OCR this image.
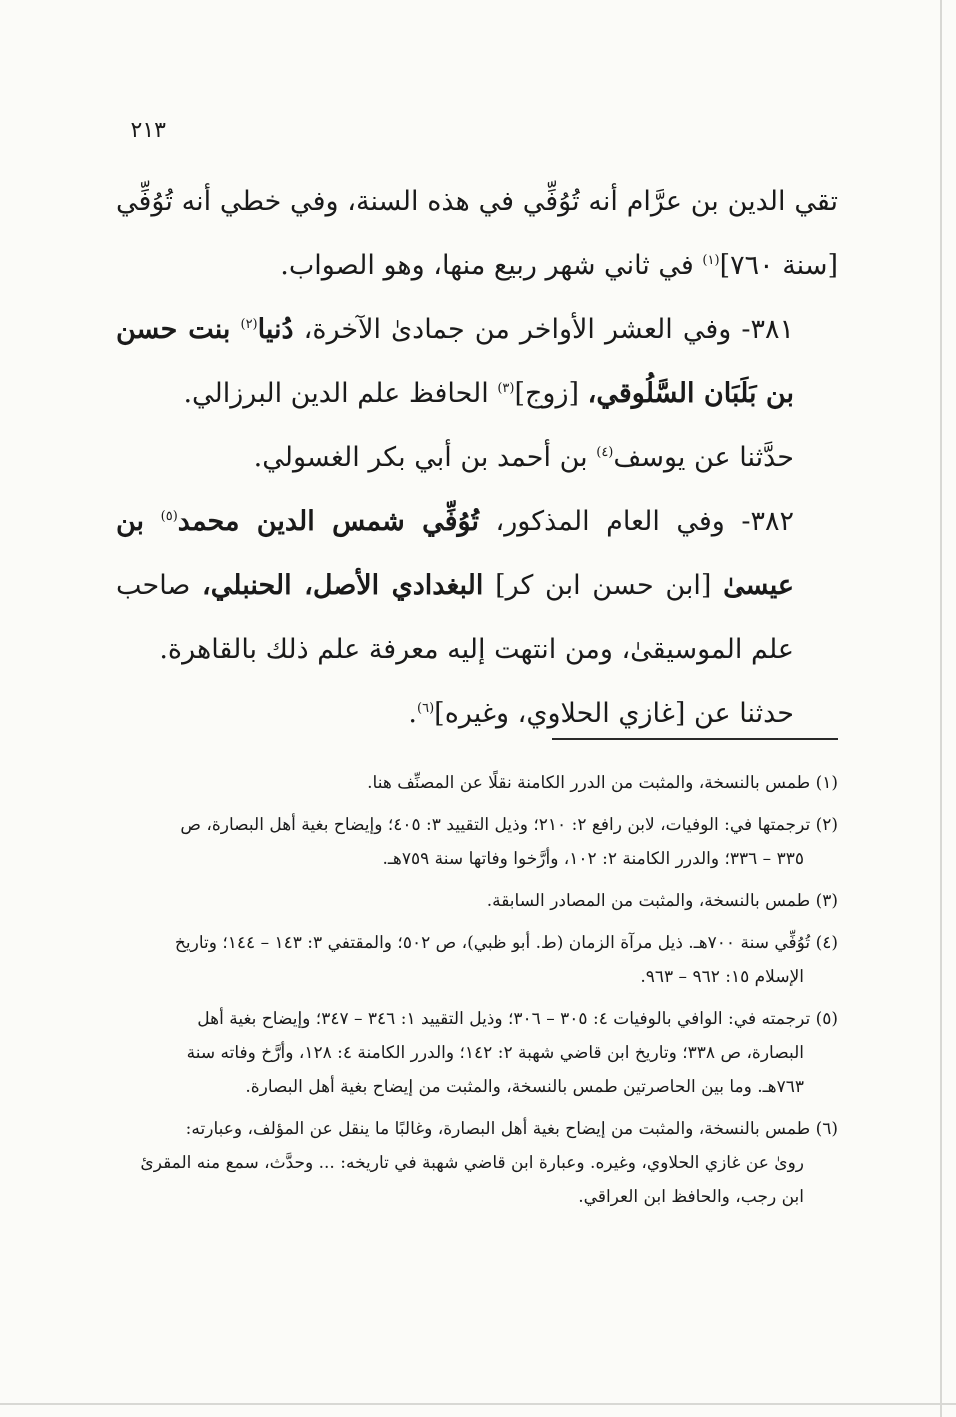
٢١٣

تقي الدين بن عرَّام أنه تُوُفِّي في هذه السنة، وفي خطي أنه تُوُفِّي [سنة ٧٦٠]$^{(١)}$ في ثاني شهر ربيع منها، وهو الصواب.

٣٨١- وفي العشر الأواخر من جمادىٰ الآخرة، دُنيا$^{(٢)}$ بنت حسن بن بَلَبَان السَّلُوقي، [زوج]$^{(٣)}$ الحافظ علم الدين البرزالي.

حدَّثنا عن يوسف$^{(٤)}$ بن أحمد بن أبي بكر الغسولي.

٣٨٢- وفي العام المذكور، تُوُفِّي شمس الدين محمد$^{(٥)}$ بن عيسىٰ [ابن حسن ابن كر] البغدادي الأصل، الحنبلي، صاحب علم الموسيقىٰ، ومن انتهت إليه معرفة علم ذلك بالقاهرة.

حدثنا عن [غازي الحلاوي، وغيره]$^{(٦)}$.

(١) طمس بالنسخة، والمثبت من الدرر الكامنة نقلًا عن المصنِّف هنا.

(٢) ترجمتها في: الوفيات، لابن رافع ٢: ٢١٠؛ وذيل التقييد ٣: ٤٠٥؛ وإيضاح بغية أهل البصارة، ص
٣٣٥ – ٣٣٦؛ والدرر الكامنة ٢: ١٠٢، وأرَّخوا وفاتها سنة ٧٥٩هـ.

(٣) طمس بالنسخة، والمثبت من المصادر السابقة.

(٤) تُوُفِّي سنة ٧٠٠هـ. ذيل مرآة الزمان (ط. أبو ظبي)، ص ٥٠٢؛ والمقتفي ٣: ١٤٣ – ١٤٤؛ وتاريخ
الإسلام ١٥: ٩٦٢ – ٩٦٣.

(٥) ترجمته في: الوافي بالوفيات ٤: ٣٠٥ – ٣٠٦؛ وذيل التقييد ١: ٣٤٦ – ٣٤٧؛ وإيضاح بغية أهل
البصارة، ص ٣٣٨؛ وتاريخ ابن قاضي شهبة ٢: ١٤٢؛ والدرر الكامنة ٤: ١٢٨، وأرَّخ وفاته سنة
٧٦٣هـ. وما بين الحاصرتين طمس بالنسخة، والمثبت من إيضاح بغية أهل البصارة.

(٦) طمس بالنسخة، والمثبت من إيضاح بغية أهل البصارة، وغالبًا ما ينقل عن المؤلف، وعبارته:
روىٰ عن غازي الحلاوي، وغيره. وعبارة ابن قاضي شهبة في تاريخه: ... وحدَّث، سمع منه المقرئ
ابن رجب، والحافظ ابن العراقي.
